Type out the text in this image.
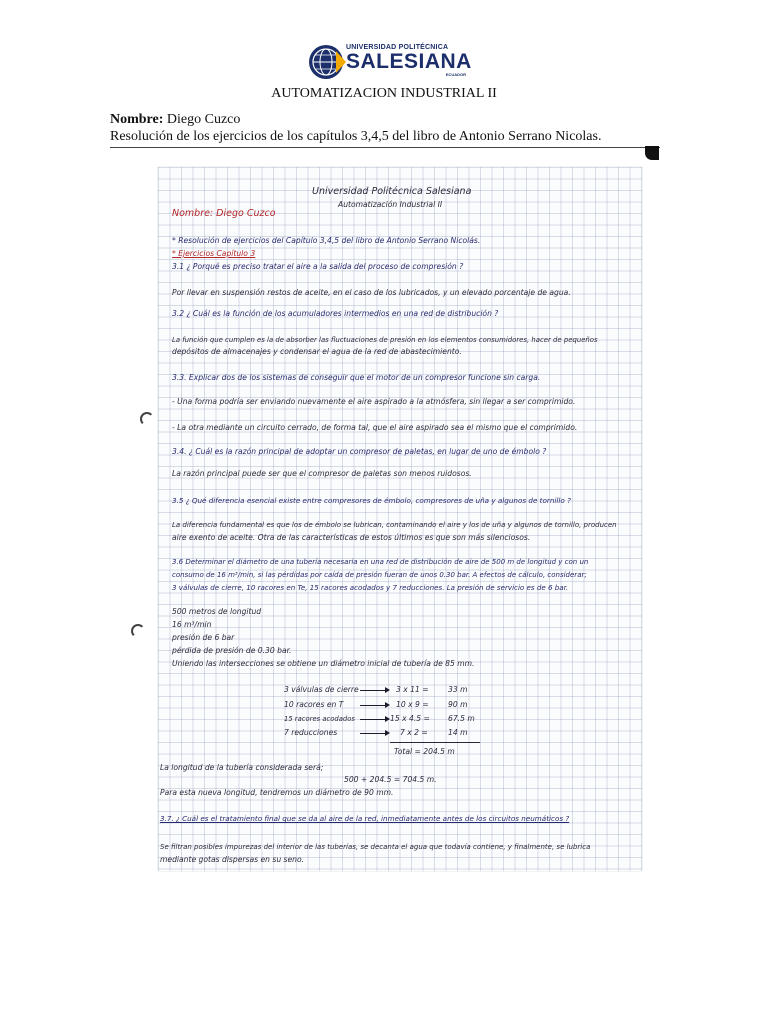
UNIVERSIDAD POLITÉCNICA
SALESIANA
ECUADOR
AUTOMATIZACION INDUSTRIAL II
Nombre: Diego Cuzco
Resolución de los ejercicios de los capítulos 3,4,5 del libro de Antonio Serrano Nicolas.
Universidad Politécnica Salesiana
Automatización Industrial II
Nombre: Diego Cuzco
* Resolución de ejercicios del Capítulo 3,4,5 del libro de Antonio Serrano Nicolás.
* Ejercicios Capítulo 3
3.1 ¿ Porqué es preciso tratar el aire a la salida del proceso de compresión ?
Por llevar en suspensión restos de aceite, en el caso de los lubricados, y un elevado porcentaje de agua.
3.2 ¿ Cuál es la función de los acumuladores intermedios en una red de distribución ?
La función que cumplen es la de absorber las fluctuaciones de presión en los elementos consumidores, hacer de pequeños
depósitos de almacenajes y condensar el agua de la red de abastecimiento.
3.3. Explicar dos de los sistemas de conseguir que el motor de un compresor funcione sin carga.
- Una forma podría ser enviando nuevamente el aire aspirado a la atmósfera, sin llegar a ser comprimido.
- La otra mediante un circuito cerrado, de forma tal, que el aire aspirado sea el mismo que el comprimido.
3.4. ¿ Cuál es la razón principal de adoptar un compresor de paletas, en lugar de uno de émbolo ?
La razón principal puede ser que el compresor de paletas son menos ruidosos.
3.5 ¿ Qué diferencia esencial existe entre compresores de émbolo, compresores de uña y algunos de tornillo ?
La diferencia fundamental es que los de émbolo se lubrican, contaminando el aire y los de uña y algunos de tornillo, producen
aire exento de aceite. Otra de las características de estos últimos es que son más silenciosos.
3.6 Determinar el diámetro de una tubería necesaria en una red de distribución de aire de 500 m de longitud y con un
consumo de 16 m³/min, si las pérdidas por caída de presión fueran de unos 0.30 bar. A efectos de cálculo, considerar;
3 válvulas de cierre, 10 racores en Te, 15 racores acodados y 7 reducciones. La presión de servicio es de 6 bar.
500 metros de longitud
16 m³/min
presión de 6 bar
pérdida de presión de 0.30 bar.
Uniendo las intersecciones se obtiene un diámetro inicial de tubería de 85 mm.
3 válvulas de cierre	3 x 11 =	33 m
10 racores en T	10 x 9 =	90 m
15 racores acodados	15 x 4.5 = 67.5 m
7 reducciones	7 x 2 =	14 m
Total = 204.5 m
La longitud de la tubería considerada será;
500 + 204.5 = 704.5 m.
Para esta nueva longitud, tendremos un diámetro de 90 mm.
3.7. ¿ Cuál es el tratamiento final que se da al aire de la red, inmediatamente antes de los circuitos neumáticos ?
Se filtran posibles impurezas del interior de las tuberías, se decanta el agua que todavía contiene, y finalmente, se lubrica
mediante gotas dispersas en su seno.
